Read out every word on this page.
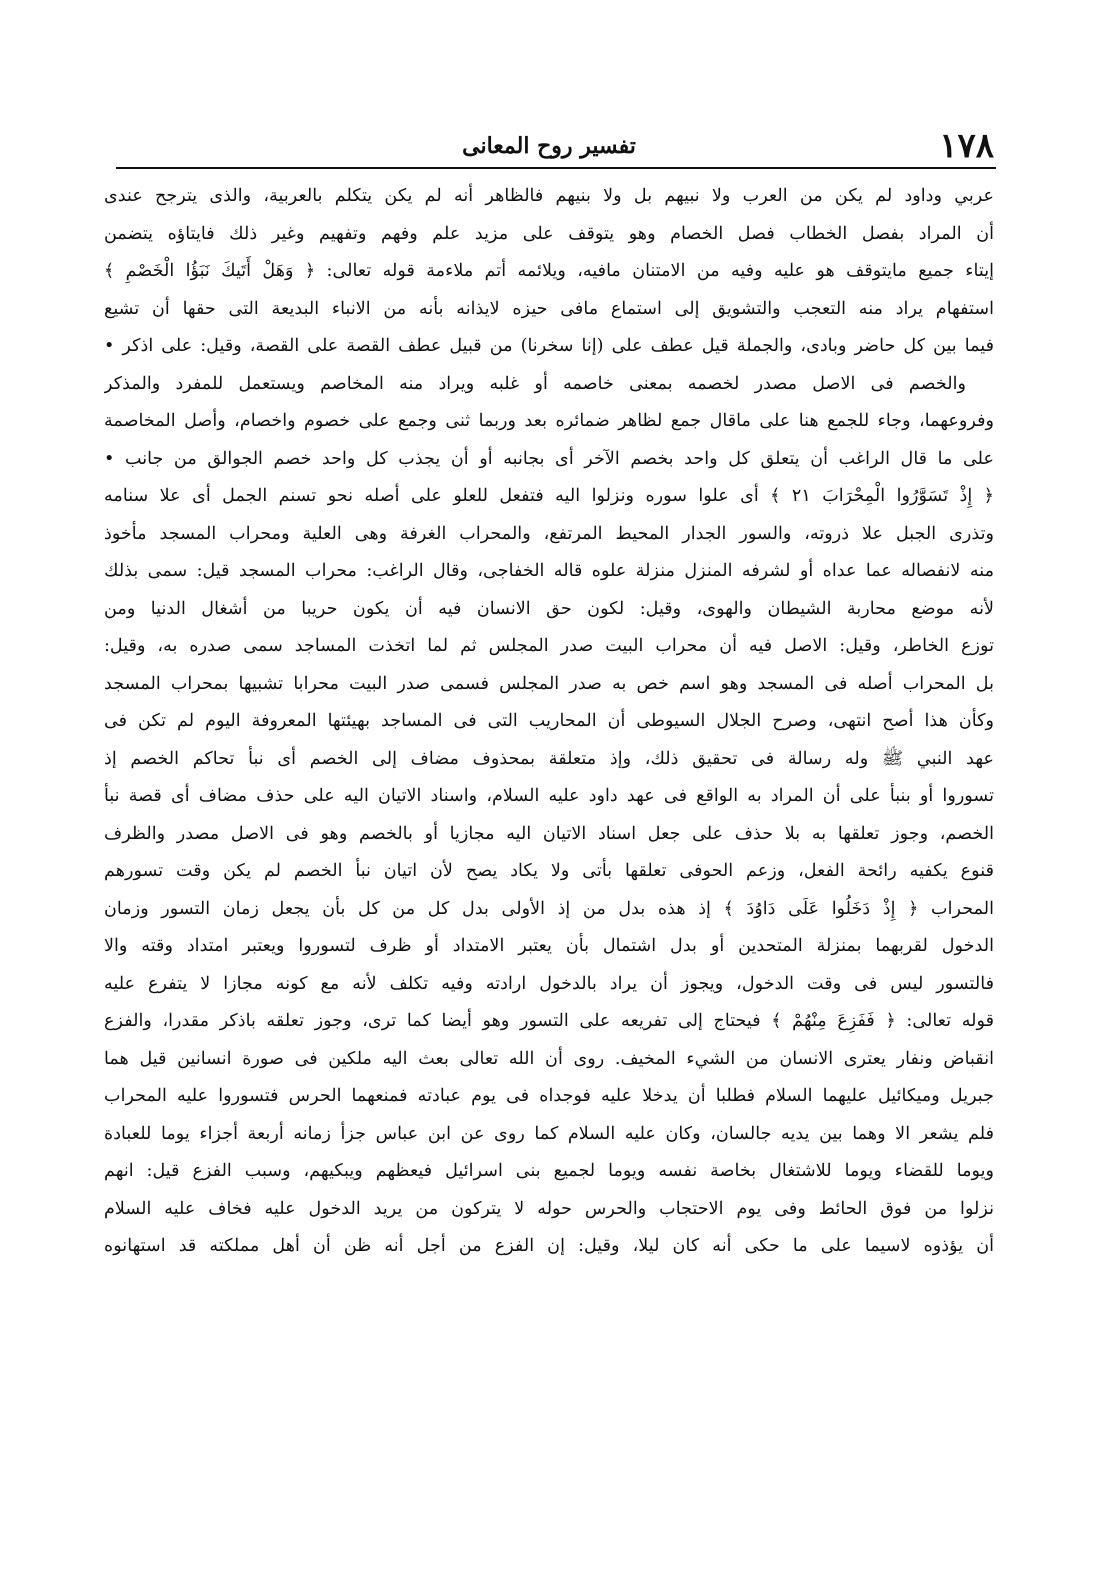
١٧٨
تفسير روح المعانى
عربي وداود لم يكن من العرب ولا نبيهم بل ولا بنيهم فالظاهر أنه لم يكن يتكلم بالعربية، والذى يترجح عندى
أن المراد بفصل الخطاب فصل الخصام وهو يتوقف على مزيد علم وفهم وتفهيم وغير ذلك فايتاؤه يتضمن
إيتاء جميع مايتوقف هو عليه وفيه من الامتنان مافيه، ويلائمه أتم ملاءمة قوله تعالى: ﴿ وَهَلْ أَتَيكَ نَبَؤُا الْخَصْمِ ﴾
استفهام يراد منه التعجب والتشويق إلى استماع مافى حيزه لايذانه بأنه من الانباء البديعة التى حقها أن تشيع
فيما بين كل حاضر وبادى، والجملة قيل عطف على (إنا سخرنا) من قبيل عطف القصة على القصة، وقيل: على اذكر •
والخصم فى الاصل مصدر لخصمه بمعنى خاصمه أو غلبه ويراد منه المخاصم ويستعمل للمفرد والمذكر
وفروعهما، وجاء للجمع هنا على ماقال جمع لظاهر ضمائره بعد وربما ثنى وجمع على خصوم واخصام، وأصل المخاصمة
على ما قال الراغب أن يتعلق كل واحد بخصم الآخر أى بجانبه أو أن يجذب كل واحد خصم الجوالق من جانب •
﴿ إِذْ تَسَوَّرُوا الْمِحْرَابَ ٢١ ﴾ أى علوا سوره ونزلوا اليه فتفعل للعلو على أصله نحو تسنم الجمل أى علا سنامه
وتذرى الجبل علا ذروته، والسور الجدار المحيط المرتفع، والمحراب الغرفة وهى العلية ومحراب المسجد مأخوذ
منه لانفصاله عما عداه أو لشرفه المنزل منزلة علوه قاله الخفاجى، وقال الراغب: محراب المسجد قيل: سمى بذلك
لأنه موضع محاربة الشيطان والهوى، وقيل: لكون حق الانسان فيه أن يكون حريبا من أشغال الدنيا ومن
توزع الخاطر، وقيل: الاصل فيه أن محراب البيت صدر المجلس ثم لما اتخذت المساجد سمى صدره به، وقيل:
بل المحراب أصله فى المسجد وهو اسم خص به صدر المجلس فسمى صدر البيت محرابا تشبيها بمحراب المسجد
وكأن هذا أصح انتهى، وصرح الجلال السيوطى أن المحاريب التى فى المساجد بهيئتها المعروفة اليوم لم تكن فى
عهد النبي ﷺ وله رسالة فى تحقيق ذلك، وإذ متعلقة بمحذوف مضاف إلى الخصم أى نبأ تحاكم الخصم إذ
تسوروا أو بنبأ على أن المراد به الواقع فى عهد داود عليه السلام، واسناد الاتيان اليه على حذف مضاف أى قصة نبأ
الخصم، وجوز تعلقها به بلا حذف على جعل اسناد الاتيان اليه مجازيا أو بالخصم وهو فى الاصل مصدر والظرف
قنوع يكفيه رائحة الفعل، وزعم الحوفى تعلقها بأتى ولا يكاد يصح لأن اتيان نبأ الخصم لم يكن وقت تسورهم
المحراب ﴿ إِذْ دَخَلُوا عَلَى دَاوُدَ ﴾ إذ هذه بدل من إذ الأولى بدل كل من كل بأن يجعل زمان التسور وزمان
الدخول لقربهما بمنزلة المتحدين أو بدل اشتمال بأن يعتبر الامتداد أو ظرف لتسوروا ويعتبر امتداد وقته والا
فالتسور ليس فى وقت الدخول، ويجوز أن يراد بالدخول ارادته وفيه تكلف لأنه مع كونه مجازا لا يتفرع عليه
قوله تعالى: ﴿ فَفَزِعَ مِنْهُمْ ﴾ فيحتاج إلى تفريعه على التسور وهو أيضا كما ترى، وجوز تعلقه باذكر مقدرا، والفزع
انقباض ونفار يعترى الانسان من الشيء المخيف. روى أن الله تعالى بعث اليه ملكين فى صورة انسانين قيل هما
جبريل وميكائيل عليهما السلام فطلبا أن يدخلا عليه فوجداه فى يوم عبادته فمنعهما الحرس فتسوروا عليه المحراب
فلم يشعر الا وهما بين يديه جالسان، وكان عليه السلام كما روى عن ابن عباس جزأ زمانه أربعة أجزاء يوما للعبادة
ويوما للقضاء ويوما للاشتغال بخاصة نفسه ويوما لجميع بنى اسرائيل فيعظهم ويبكيهم، وسبب الفزع قيل: انهم
نزلوا من فوق الحائط وفى يوم الاحتجاب والحرس حوله لا يتركون من يريد الدخول عليه فخاف عليه السلام
أن يؤذوه لاسيما على ما حكى أنه كان ليلا، وقيل: إن الفزع من أجل أنه ظن أن أهل مملكته قد استهانوه
